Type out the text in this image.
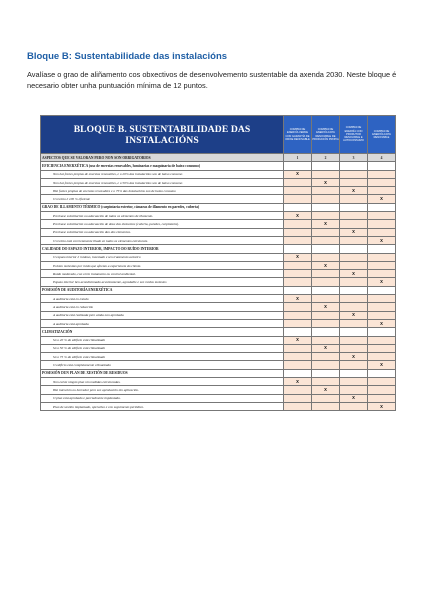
Bloque B: Sustentabilidade das instalacións
Avalíase o grao de aliñamento cos obxectivos de desenvolvemento sustentable da axenda 2030. Neste bloque é necesario obter unha puntuación mínima de 12 puntos.
BLOQUE B. SUSTENTABILIDADE DAS INSTALACIÓNS	COMPRA DE ENERXÍA VERDE CON GARANTÍA DE ORIXE RENOVABLE	COMPRA DE ENERXÍA 100% RENOVABLE DE PRODUCIÓN PROPIA	COMPRA DE ENERXÍA CON PRODUTOR RENOVABLE E AUTOCONSUMO	COMPRA DE ENERXÍA 100% RENOVABLE
ASPECTOS QUE SE VALORAN PERO NON SON OBRIGATORIOS	1	2	3	4
EFICIENCIA ENERXÉTICA (uso de enerxías renovables, luminarias e maquinaria de baixo consumo)				
Non hai fontes propias de enerxías renovables, e o 20% das instalacións son de baixo consumo	x			
Non hai fontes propias de enerxías renovables, e o 50% das instalacións son de baixo consumo		x		
Hai fontes propias de enerxías renovables e o 75% das instalacións son de baixo consumo			x	
O recinto é 100 % eficiente				x
GRAO DE ILLAMENTO TÉRMICO (carpintaría exterior, cámaras de illamento en paredes, cuberta)				
Precisase substitución ou adecuación de todos os elementos de illamento.	x			
Precisase substitución ou adecuación de dous dos elementos (cuberta, paredes, carpintaría).		x		
Precisase substitución ou adecuación dun dos elementos.			x	
O recinto está correctamente illado en todos os elementos estruturais.				x
CALIDADE DO ESPAZO INTERIOR, IMPACTO DO RUÍDO INTERIOR				
O espazo interior é ruidoso, inxestado e sen tratamento acústico	x			
Existen molestias por ruído que afectan a experiencia do cliente.		x		
Ruído moderado, con certo tratamento ou control ambiental.			x	
Espazo interior ben acondicionado acusticamente, agradable e sen ruídos molestos				x
POSESIÓN DE AUDITORÍA ENERXÉTICA				
A auditoría está en estudo	x			
A auditoría está en redacción		x		
A auditoría está realizada pero aínda non aprobada			x	
A auditoría está aprobada				x
CLIMATIZACIÓN				
Só o 20 % do edificio está climatizado	x			
Só o 50 % do edificio está climatizado		x		
Só o 75 % do edificio está climatizado			x	
O edificio está completamente climatizado				x
POSESIÓN DUN PLAN DE XESTIÓN DE RESIDUOS				
Non existe ningún plan nin medidas estruturadas.	x			
Hai intención ou borrador pero sen aprobación nin aplicación.		x		
O plan está aprobado e parcialmente implantado.			x	
Plan de xestión implantado, operativo e con seguimento periódico.				x
